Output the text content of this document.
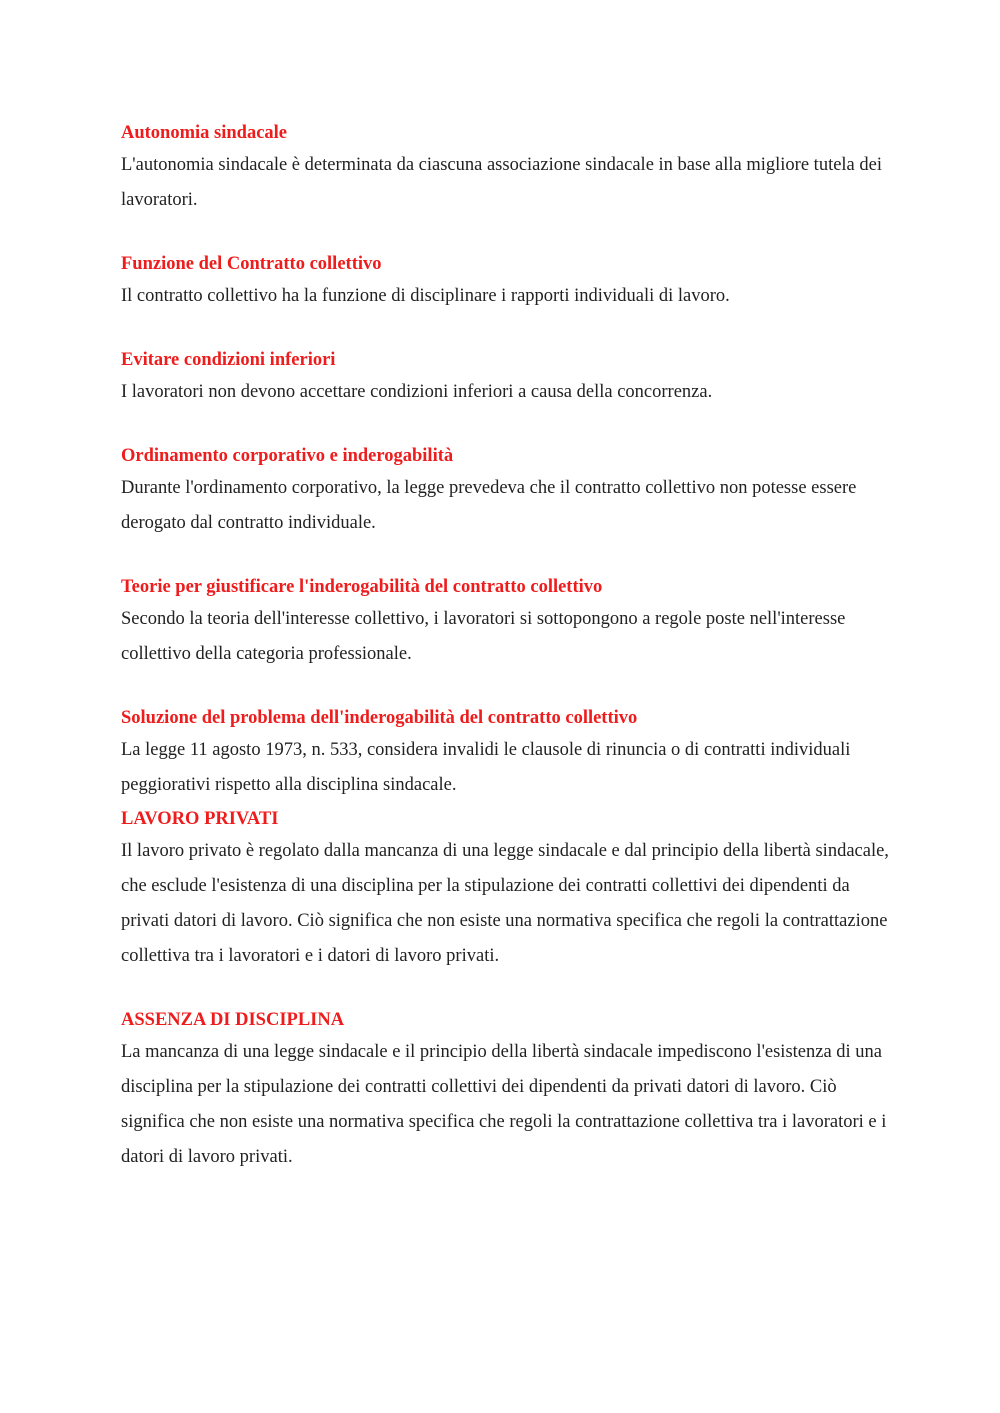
Autonomia sindacale

L'autonomia sindacale è determinata da ciascuna associazione sindacale in base alla migliore tutela dei lavoratori.

Funzione del Contratto collettivo

Il contratto collettivo ha la funzione di disciplinare i rapporti individuali di lavoro.

Evitare condizioni inferiori

I lavoratori non devono accettare condizioni inferiori a causa della concorrenza.

Ordinamento corporativo e inderogabilità

Durante l'ordinamento corporativo, la legge prevedeva che il contratto collettivo non potesse essere derogato dal contratto individuale.

Teorie per giustificare l'inderogabilità del contratto collettivo

Secondo la teoria dell'interesse collettivo, i lavoratori si sottopongono a regole poste nell'interesse collettivo della categoria professionale.

Soluzione del problema dell'inderogabilità del contratto collettivo

La legge 11 agosto 1973, n. 533, considera invalidi le clausole di rinuncia o di contratti individuali peggiorativi rispetto alla disciplina sindacale.

LAVORO PRIVATI

Il lavoro privato è regolato dalla mancanza di una legge sindacale e dal principio della libertà sindacale, che esclude l'esistenza di una disciplina per la stipulazione dei contratti collettivi dei dipendenti da privati datori di lavoro. Ciò significa che non esiste una normativa specifica che regoli la contrattazione collettiva tra i lavoratori e i datori di lavoro privati.

ASSENZA DI DISCIPLINA

La mancanza di una legge sindacale e il principio della libertà sindacale impediscono l'esistenza di una disciplina per la stipulazione dei contratti collettivi dei dipendenti da privati datori di lavoro. Ciò significa che non esiste una normativa specifica che regoli la contrattazione collettiva tra i lavoratori e i datori di lavoro privati.
